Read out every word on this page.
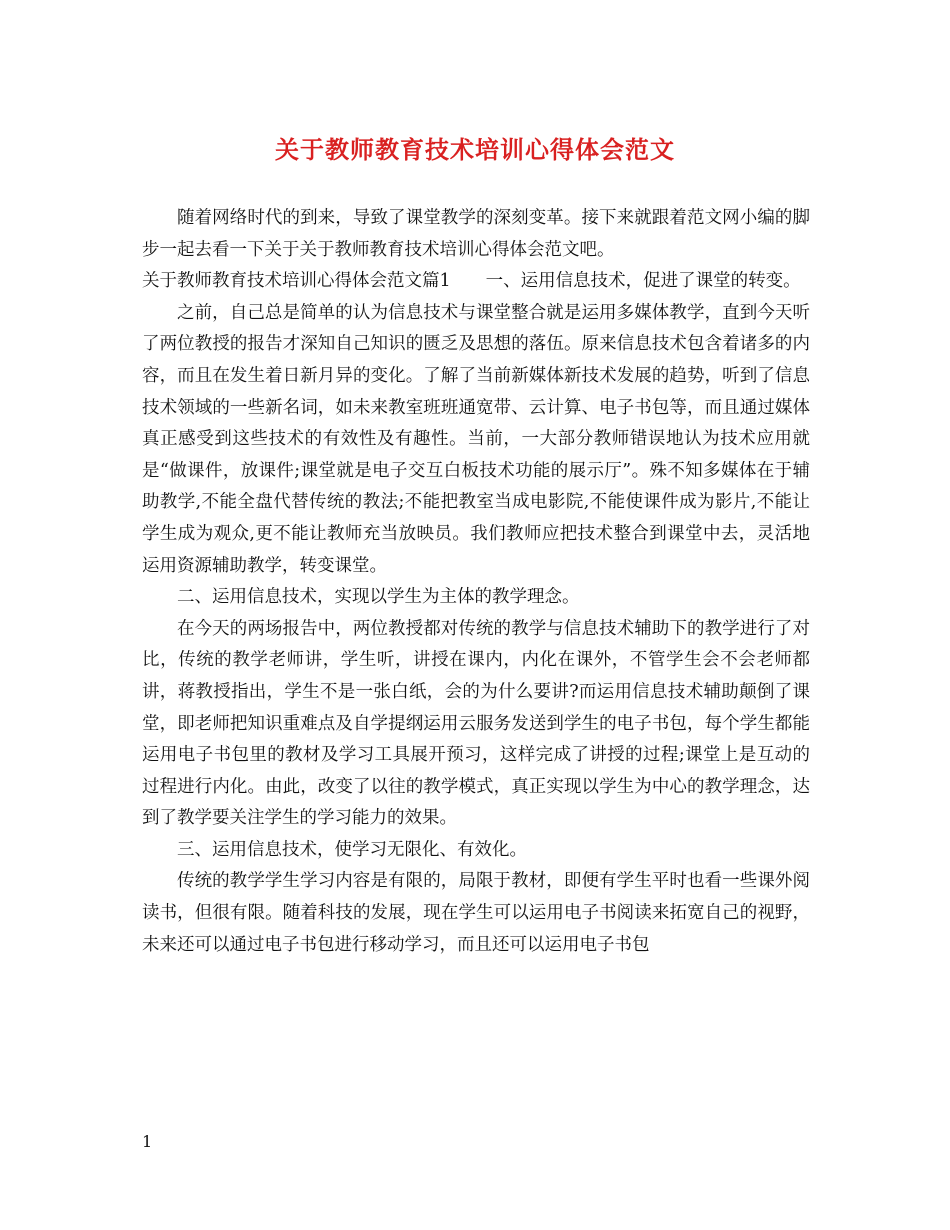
关于教师教育技术培训心得体会范文

随着网络时代的到来，导致了课堂教学的深刻变革。接下来就跟着范文网小编的脚步一起去看一下关于关于教师教育技术培训心得体会范文吧。

关于教师教育技术培训心得体会范文篇1　　一、运用信息技术，促进了课堂的转变。

之前，自己总是简单的认为信息技术与课堂整合就是运用多媒体教学，直到今天听了两位教授的报告才深知自己知识的匮乏及思想的落伍。原来信息技术包含着诸多的内容，而且在发生着日新月异的变化。了解了当前新媒体新技术发展的趋势，听到了信息技术领域的一些新名词，如未来教室班班通宽带、云计算、电子书包等，而且通过媒体真正感受到这些技术的有效性及有趣性。当前，一大部分教师错误地认为技术应用就是“做课件，放课件;课堂就是电子交互白板技术功能的展示厅”。殊不知多媒体在于辅助教学,不能全盘代替传统的教法;不能把教室当成电影院,不能使课件成为影片,不能让学生成为观众,更不能让教师充当放映员。我们教师应把技术整合到课堂中去，灵活地运用资源辅助教学，转变课堂。

二、运用信息技术，实现以学生为主体的教学理念。

在今天的两场报告中，两位教授都对传统的教学与信息技术辅助下的教学进行了对比，传统的教学老师讲，学生听，讲授在课内，内化在课外，不管学生会不会老师都讲，蒋教授指出，学生不是一张白纸，会的为什么要讲?而运用信息技术辅助颠倒了课堂，即老师把知识重难点及自学提纲运用云服务发送到学生的电子书包，每个学生都能运用电子书包里的教材及学习工具展开预习，这样完成了讲授的过程;课堂上是互动的过程进行内化。由此，改变了以往的教学模式，真正实现以学生为中心的教学理念，达到了教学要关注学生的学习能力的效果。

三、运用信息技术，使学习无限化、有效化。

传统的教学学生学习内容是有限的，局限于教材，即便有学生平时也看一些课外阅读书，但很有限。随着科技的发展，现在学生可以运用电子书阅读来拓宽自己的视野，未来还可以通过电子书包进行移动学习，而且还可以运用电子书包

1
